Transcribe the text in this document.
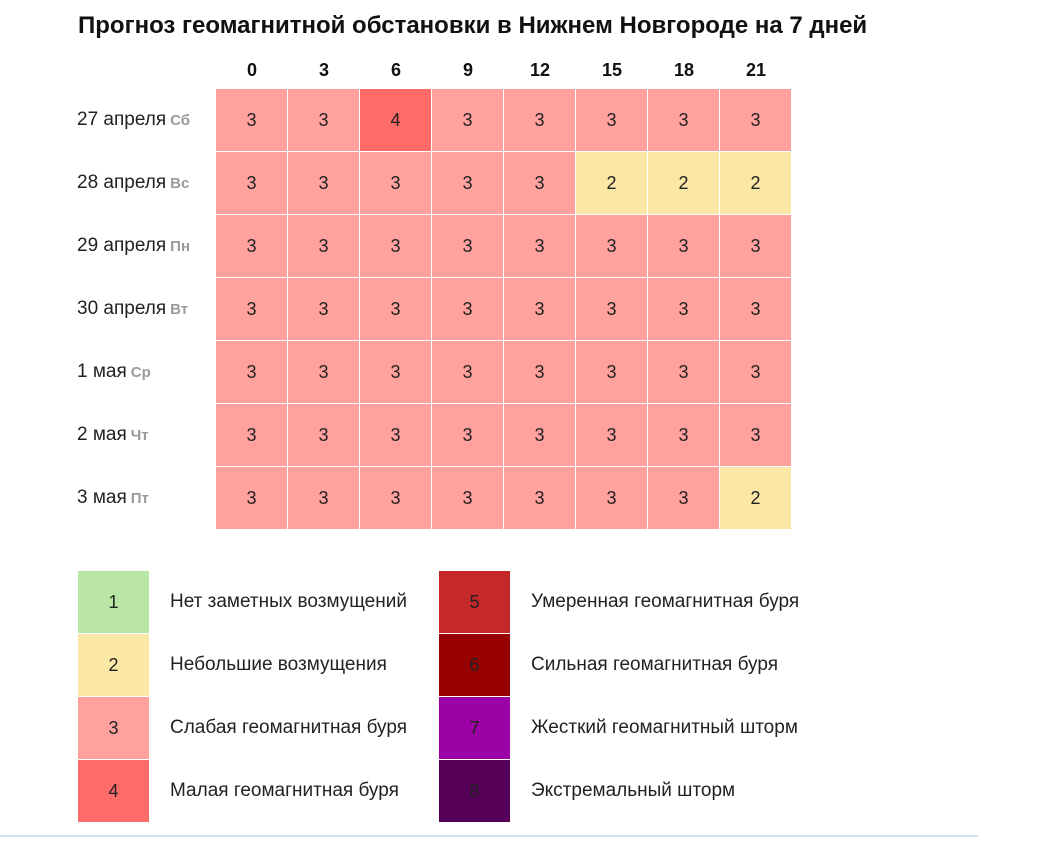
Прогноз геомагнитной обстановки в Нижнем Новгороде на 7 дней
0	3	6	9	12	15	18	21
27 апреля Сб	3	3	4	3	3	3	3	3
28 апреля Вс	3	3	3	3	3	2	2	2
29 апреля Пн	3	3	3	3	3	3	3	3
30 апреля Вт	3	3	3	3	3	3	3	3
1 мая Ср	3	3	3	3	3	3	3	3
2 мая Чт	3	3	3	3	3	3	3	3
3 мая Пт	3	3	3	3	3	3	3	2
1	Нет заметных возмущений
2	Небольшие возмущения
3	Слабая геомагнитная буря
4	Малая геомагнитная буря
5	Умеренная геомагнитная буря
6	Сильная геомагнитная буря
7	Жесткий геомагнитный шторм
8	Экстремальный шторм
